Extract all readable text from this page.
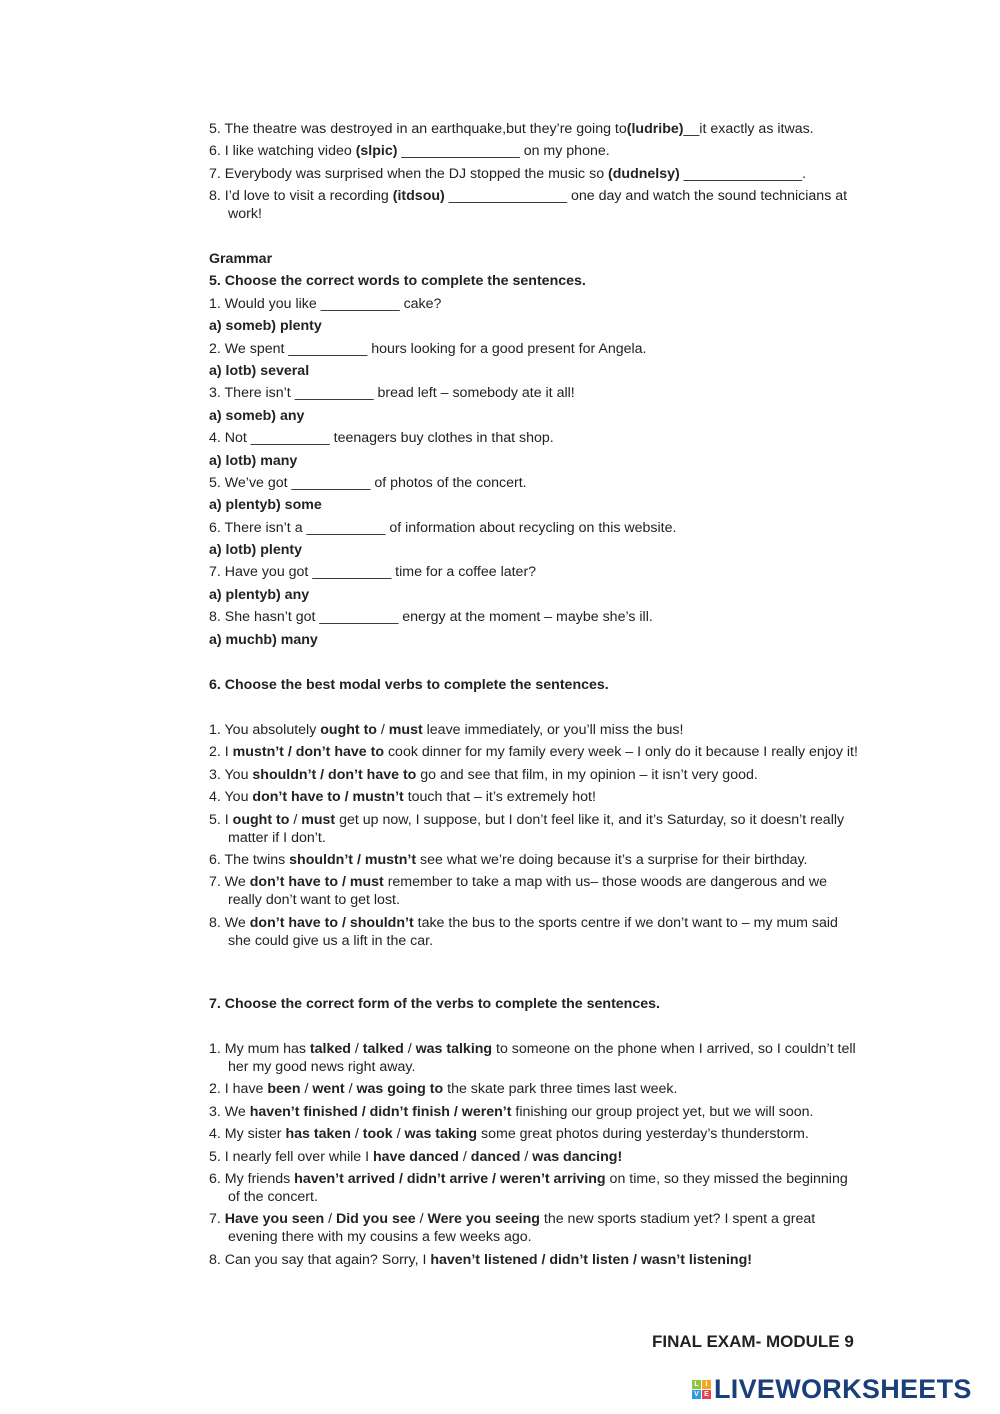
5. The theatre was destroyed in an earthquake,but they’re going to(ludribe)__it exactly as itwas.
6. I like watching video (slpic) _______________ on my phone.
7. Everybody was surprised when the DJ stopped the music so (dudnelsy) _______________.
8. I’d love to visit a recording (itdsou) _______________ one day and watch the sound technicians at work!
Grammar
5. Choose the correct words to complete the sentences.
1. Would you like __________ cake?
a) some b) plenty
2. We spent __________ hours looking for a good present for Angela.
a) lot b) several
3. There isn’t __________ bread left – somebody ate it all!
a) some b) any
4. Not __________ teenagers buy clothes in that shop.
a) lot b) many
5. We’ve got __________ of photos of the concert.
a) plenty b) some
6. There isn’t a __________ of information about recycling on this website.
a) lot b) plenty
7. Have you got __________ time for a coffee later?
a) plenty b) any
8. She hasn’t got __________ energy at the moment – maybe she’s ill.
a) much b) many
6. Choose the best modal verbs to complete the sentences.
1. You absolutely ought to / must leave immediately, or you’ll miss the bus!
2. I mustn’t / don’t have to cook dinner for my family every week – I only do it because I really enjoy it!
3. You shouldn’t / don’t have to go and see that film, in my opinion – it isn’t very good.
4. You don’t have to / mustn’t touch that – it’s extremely hot!
5. I ought to / must get up now, I suppose, but I don’t feel like it, and it’s Saturday, so it doesn’t really matter if I don’t.
6. The twins shouldn’t / mustn’t see what we’re doing because it’s a surprise for their birthday.
7. We don’t have to / must remember to take a map with us– those woods are dangerous and we really don’t want to get lost.
8. We don’t have to / shouldn’t take the bus to the sports centre if we don’t want to – my mum said she could give us a lift in the car.
7. Choose the correct form of the verbs to complete the sentences.
1. My mum has talked / talked / was talking to someone on the phone when I arrived, so I couldn’t tell her my good news right away.
2. I have been / went / was going to the skate park three times last week.
3. We haven’t finished / didn’t finish / weren’t finishing our group project yet, but we will soon.
4. My sister has taken / took / was taking some great photos during yesterday’s thunderstorm.
5. I nearly fell over while I have danced / danced / was dancing!
6. My friends haven’t arrived / didn’t arrive / weren’t arriving on time, so they missed the beginning of the concert.
7. Have you seen / Did you see / Were you seeing the new sports stadium yet? I spent a great evening there with my cousins a few weeks ago.
8. Can you say that again? Sorry, I haven’t listened / didn’t listen / wasn’t listening!
FINAL EXAM- MODULE 9
L I
V E LIVEWORKSHEETS
